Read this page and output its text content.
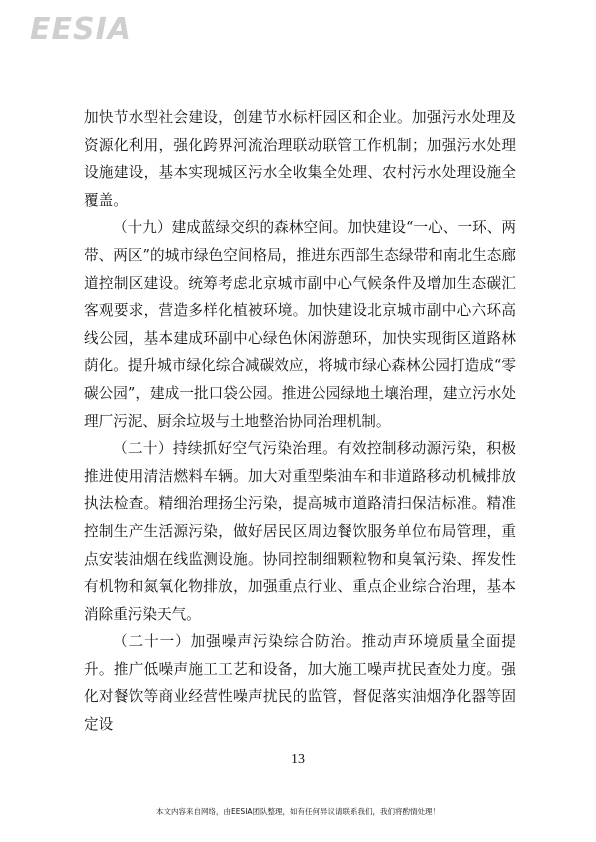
EESIA

加快节水型社会建设，创建节水标杆园区和企业。加强污水处理及资源化利用，强化跨界河流治理联动联管工作机制；加强污水处理设施建设，基本实现城区污水全收集全处理、农村污水处理设施全覆盖。

（十九）建成蓝绿交织的森林空间。加快建设“一心、一环、两带、两区”的城市绿色空间格局，推进东西部生态绿带和南北生态廊道控制区建设。统筹考虑北京城市副中心气候条件及增加生态碳汇客观要求，营造多样化植被环境。加快建设北京城市副中心六环高线公园，基本建成环副中心绿色休闲游憩环，加快实现街区道路林荫化。提升城市绿化综合减碳效应，将城市绿心森林公园打造成“零碳公园”，建成一批口袋公园。推进公园绿地土壤治理，建立污水处理厂污泥、厨余垃圾与土地整治协同治理机制。

（二十）持续抓好空气污染治理。有效控制移动源污染，积极推进使用清洁燃料车辆。加大对重型柴油车和非道路移动机械排放执法检查。精细治理扬尘污染，提高城市道路清扫保洁标准。精准控制生产生活源污染，做好居民区周边餐饮服务单位布局管理，重点安装油烟在线监测设施。协同控制细颗粒物和臭氧污染、挥发性有机物和氮氧化物排放，加强重点行业、重点企业综合治理，基本消除重污染天气。

（二十一）加强噪声污染综合防治。推动声环境质量全面提升。推广低噪声施工工艺和设备，加大施工噪声扰民查处力度。强化对餐饮等商业经营性噪声扰民的监管，督促落实油烟净化器等固定设

13
本文内容来自网络，由EESIA团队整理，如有任何异议请联系我们，我们将酌情处理！
